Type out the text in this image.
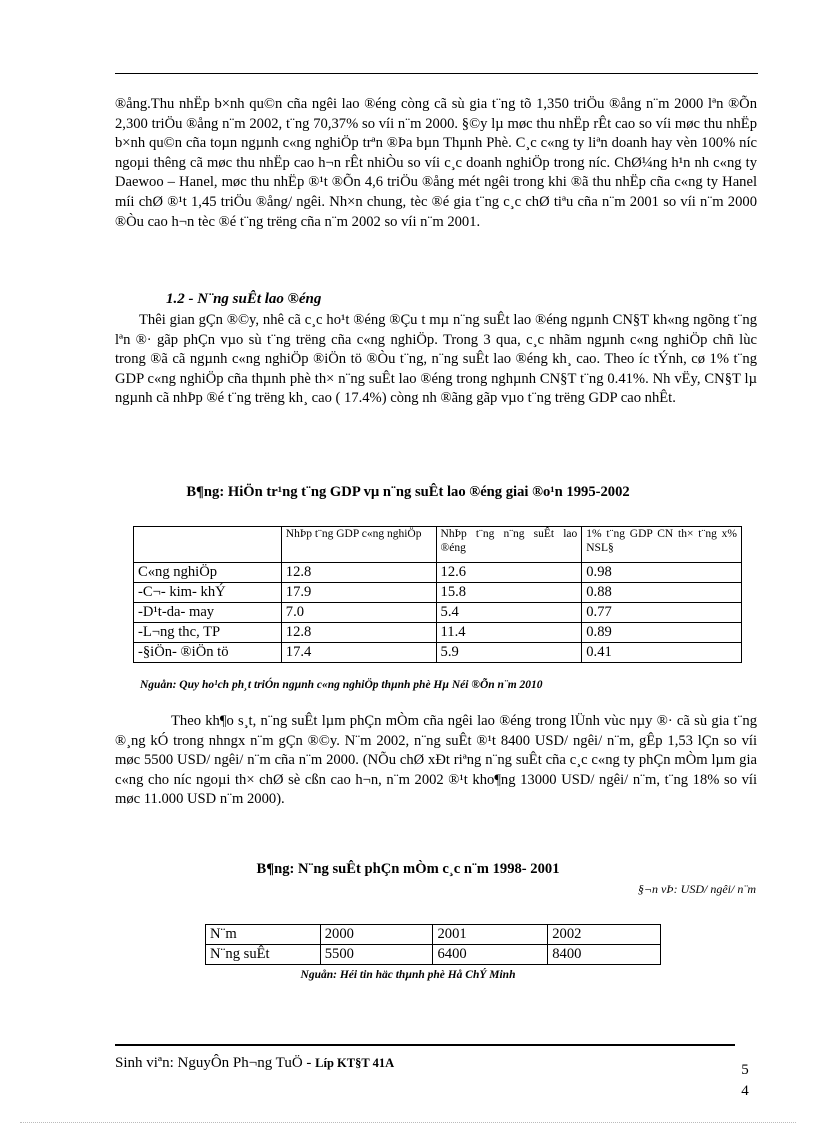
®ång.Thu nhËp b×nh qu©n cña ngêi lao ®éng còng cã sù gia t¨ng tõ 1,350 triÖu ®ång n¨m 2000 lªn ®Õn 2,300 triÖu ®ång n¨m 2002, t¨ng 70,37% so víi n¨m 2000. §©y lµ møc thu nhËp rÊt cao so víi møc thu nhËp b×nh qu©n cña toµn ngµnh c«ng nghiÖp trªn ®Þa bµn Thµnh Phè. C¸c c«ng ty liªn doanh hay vèn 100% níc ngoµi thêng cã møc thu nhËp cao h¬n rÊt nhiÒu so víi c¸c doanh nghiÖp trong níc. ChØ¼ng h¹n nh c«ng ty Daewoo – Hanel, møc thu nhËp ®¹t ®Õn 4,6 triÖu ®ång mét ngêi trong khi ®ã thu nhËp cña c«ng ty Hanel míi chØ ®¹t 1,45 triÖu ®ång/ ngêi. Nh×n chung, tèc ®é gia t¨ng c¸c chØ tiªu cña n¨m 2001 so víi n¨m 2000 ®Òu cao h¬n tèc ®é t¨ng trëng cña n¨m 2002 so víi n¨m 2001.

1.2 - N¨ng suÊt lao ®éng

Thêi gian gÇn ®©y, nhê cã c¸c ho¹t ®éng ®Çu t mµ n¨ng suÊt lao ®éng ngµnh CN§T kh«ng ngõng t¨ng lªn ®· gãp phÇn vµo sù t¨ng trëng cña c«ng nghiÖp. Trong 3 qua, c¸c nhãm ngµnh c«ng nghiÖp chñ lùc trong ®ã cã ngµnh c«ng nghiÖp ®iÖn tö ®Òu t¨ng, n¨ng suÊt lao ®éng kh¸ cao. Theo íc tÝnh, cø 1% t¨ng GDP c«ng nghiÖp cña thµnh phè th× n¨ng suÊt lao ®éng trong nghµnh CN§T t¨ng 0.41%. Nh vËy, CN§T lµ ngµnh cã nhÞp ®é t¨ng trëng kh¸ cao ( 17.4%) còng nh ®ãng gãp vµo t¨ng trëng GDP cao nhÊt.

B¶ng: HiÖn tr¹ng t¨ng GDP vµ n¨ng suÊt lao ®éng giai ®o¹n 1995-2002

	NhÞp t¨ng GDP c«ng nghiÖp	NhÞp t¨ng n¨ng suÊt lao ®éng	1% t¨ng GDP CN th× t¨ng x% NSL§
C«ng nghiÖp	12.8	12.6	0.98
-C¬- kim- khÝ	17.9	15.8	0.88
-D¹t-da- may	7.0	5.4	0.77
-L¬ng thc, TP	12.8	11.4	0.89
-§iÖn- ®iÖn tö	17.4	5.9	0.41

Nguån: Quy ho¹ch ph¸t triÓn ngµnh c«ng nghiÖp thµnh phè Hµ Néi ®Õn n¨m 2010

Theo kh¶o s¸t, n¨ng suÊt lµm phÇn mÒm cña ngêi lao ®éng trong lÜnh vùc nµy ®· cã sù gia t¨ng ®¸ng kÓ trong nhngx n¨m gÇn ®©y. N¨m 2002, n¨ng suÊt ®¹t 8400 USD/ ngêi/ n¨m, gÊp 1,53 lÇn so víi møc 5500 USD/ ngêi/ n¨m cña n¨m 2000. (NÕu chØ xÐt riªng n¨ng suÊt cña c¸c c«ng ty phÇn mÒm lµm gia c«ng cho níc ngoµi th× chØ sè cßn cao h¬n, n¨m 2002 ®¹t kho¶ng 13000 USD/ ngêi/ n¨m, t¨ng 18% so víi møc 11.000 USD n¨m 2000).

B¶ng: N¨ng suÊt phÇn mÒm c¸c n¨m 1998- 2001

§¬n vÞ: USD/ ngêi/ n¨m
N¨m	2000	2001	2002
N¨ng suÊt	5500	6400	8400

Nguån: Héi tin häc thµnh phè Hå ChÝ Minh

Sinh viªn: NguyÔn Ph¬ng TuÖ - Líp KT§T 41A	5
4
